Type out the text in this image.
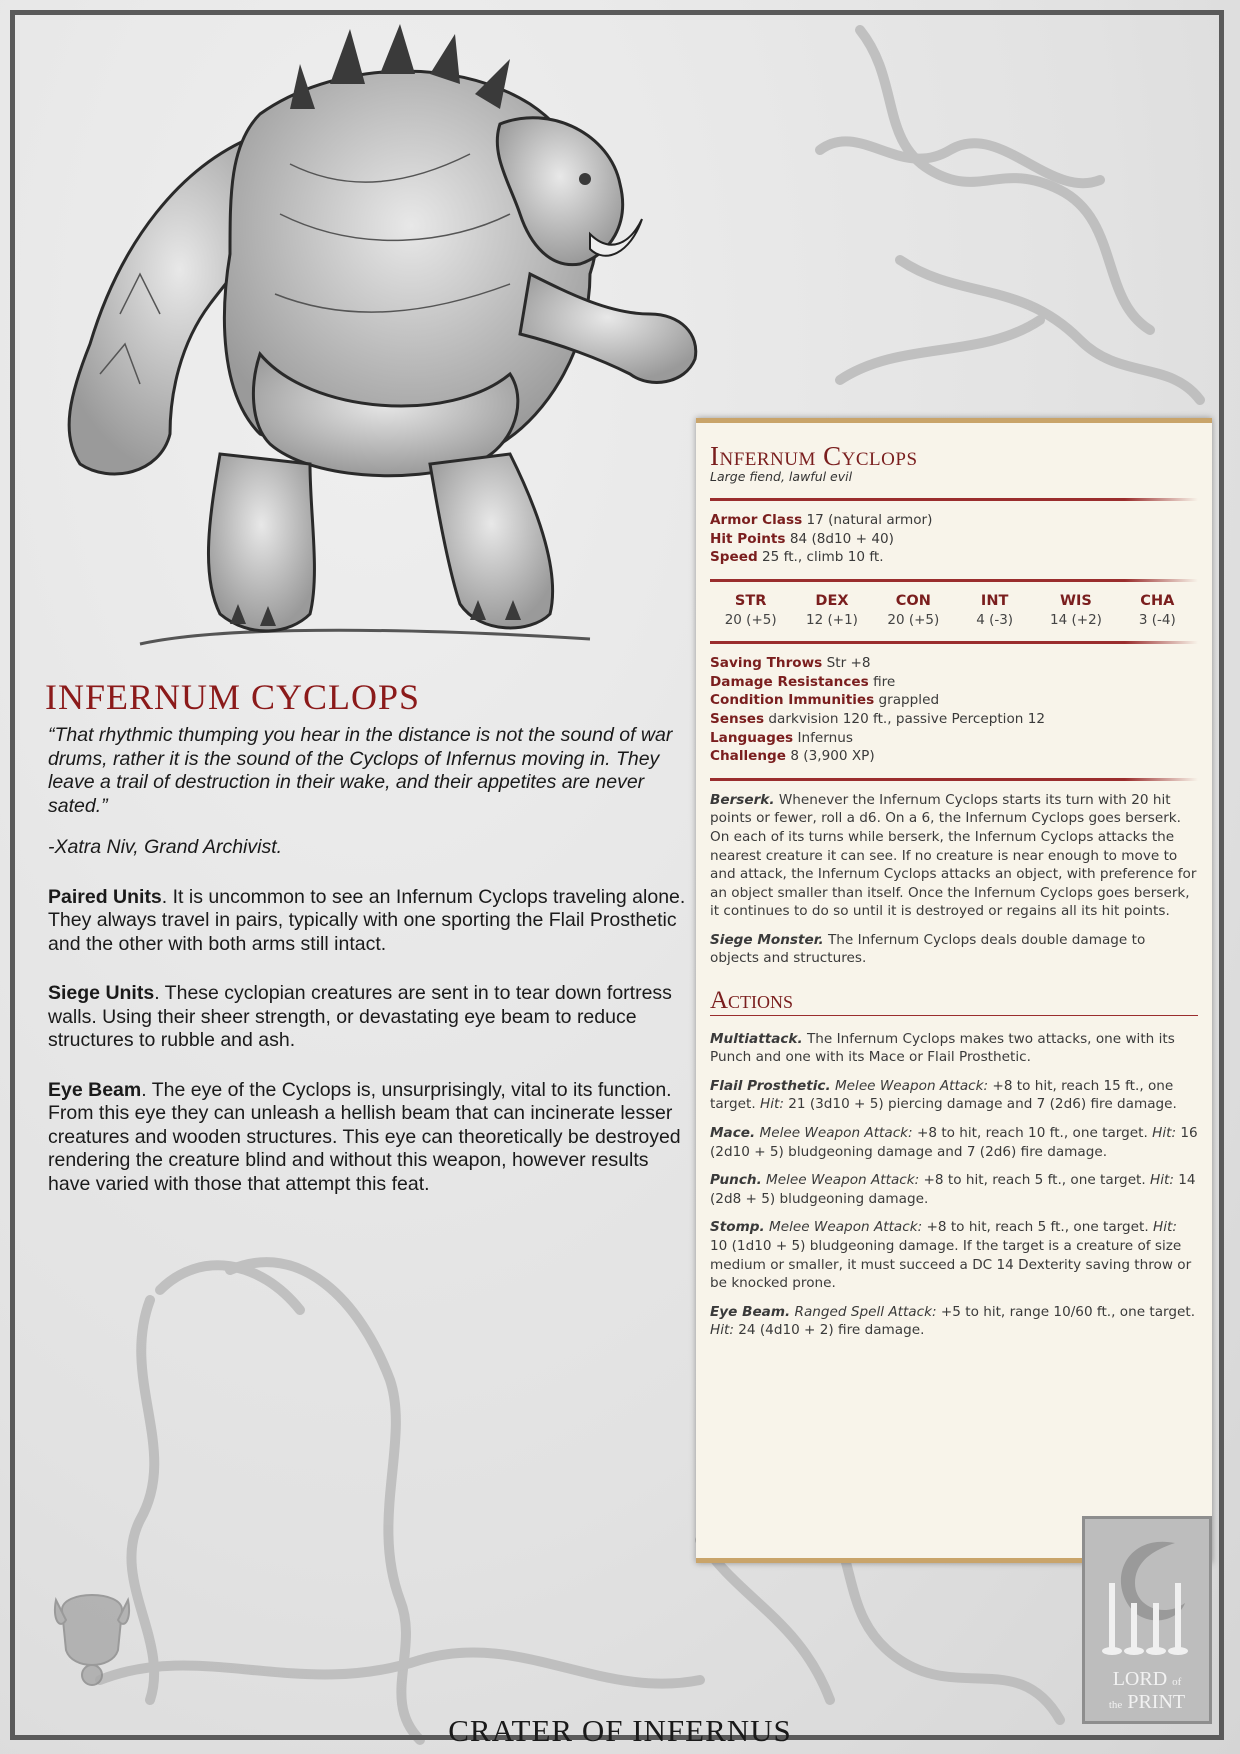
INFERNUM CYCLOPS

“That rhythmic thumping you hear in the distance is not the sound of war drums, rather it is the sound of the Cyclops of Infernus moving in. They leave a trail of destruction in their wake, and their appetites are never sated.”

-Xatra Niv, Grand Archivist.

Paired Units. It is uncommon to see an Infernum Cyclops traveling alone. They always travel in pairs, typically with one sporting the Flail Prosthetic and the other with both arms still intact.

Siege Units. These cyclopian creatures are sent in to tear down fortress walls. Using their sheer strength, or devastating eye beam to reduce structures to rubble and ash.

Eye Beam. The eye of the Cyclops is, unsurprisingly, vital to its function. From this eye they can unleash a hellish beam that can incinerate lesser creatures and wooden structures. This eye can theoretically be destroyed rendering the creature blind and without this weapon, however results have varied with those that attempt this feat.

Infernum Cyclops

Large fiend, lawful evil

Armor Class 17 (natural armor)

Hit Points 84 (8d10 + 40)

Speed 25 ft., climb 10 ft.

STR
20 (+5)
DEX
12 (+1)
CON
20 (+5)
INT
4 (-3)
WIS
14 (+2)
CHA
3 (-4)

Saving Throws Str +8

Damage Resistances fire

Condition Immunities grappled

Senses darkvision 120 ft., passive Perception 12

Languages Infernus

Challenge 8 (3,900 XP)

Berserk. Whenever the Infernum Cyclops starts its turn with 20 hit points or fewer, roll a d6. On a 6, the Infernum Cyclops goes berserk. On each of its turns while berserk, the Infernum Cyclops attacks the nearest creature it can see. If no creature is near enough to move to and attack, the Infernum Cyclops attacks an object, with preference for an object smaller than itself. Once the Infernum Cyclops goes berserk, it continues to do so until it is destroyed or regains all its hit points.

Siege Monster. The Infernum Cyclops deals double damage to objects and structures.

Actions

Multiattack. The Infernum Cyclops makes two attacks, one with its Punch and one with its Mace or Flail Prosthetic.

Flail Prosthetic. Melee Weapon Attack: +8 to hit, reach 15 ft., one target. Hit: 21 (3d10 + 5) piercing damage and 7 (2d6) fire damage.

Mace. Melee Weapon Attack: +8 to hit, reach 10 ft., one target. Hit: 16 (2d10 + 5) bludgeoning damage and 7 (2d6) fire damage.

Punch. Melee Weapon Attack: +8 to hit, reach 5 ft., one target. Hit: 14 (2d8 + 5) bludgeoning damage.

Stomp. Melee Weapon Attack: +8 to hit, reach 5 ft., one target. Hit: 10 (1d10 + 5) bludgeoning damage. If the target is a creature of size medium or smaller, it must succeed a DC 14 Dexterity saving throw or be knocked prone.

Eye Beam. Ranged Spell Attack: +5 to hit, range 10/60 ft., one target. Hit: 24 (4d10 + 2) fire damage.

LORD of
the PRINT
CRATER OF INFERNUS
